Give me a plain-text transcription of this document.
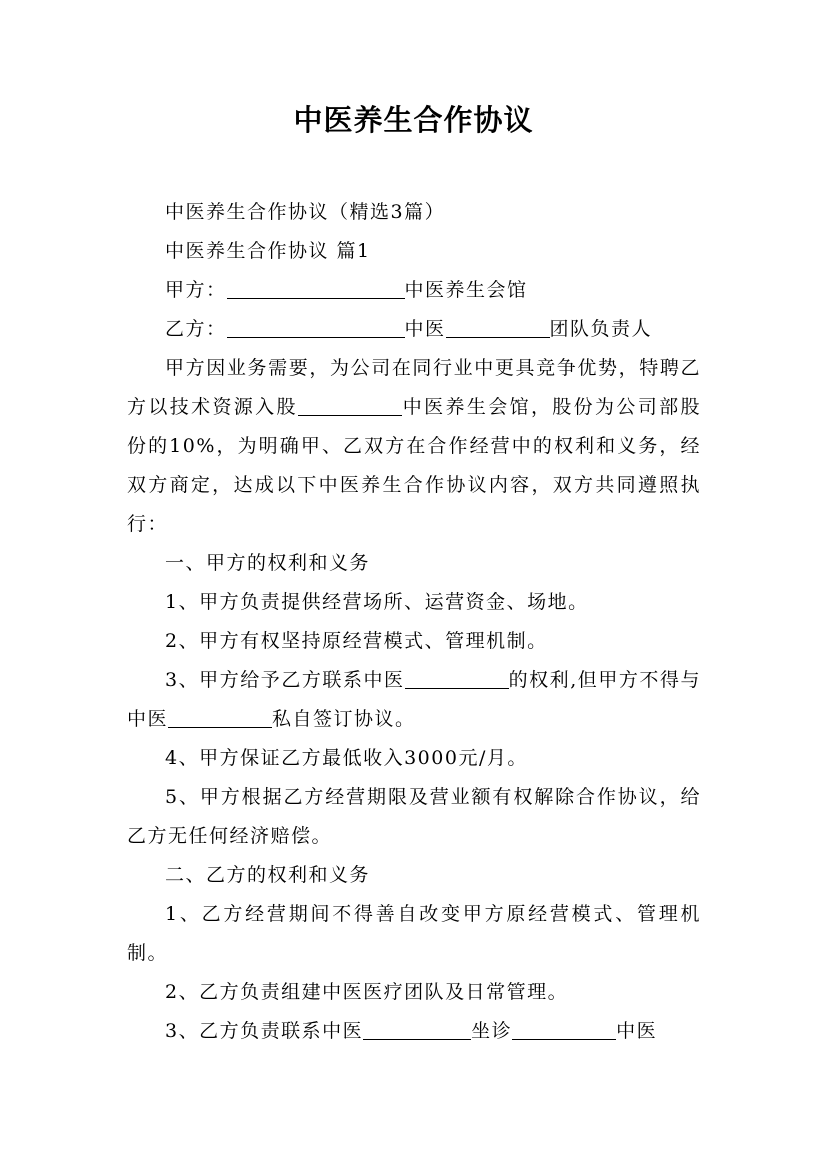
中医养生合作协议

中医养生合作协议（精选3篇）

中医养生合作协议 篇1

甲方：	中医养生会馆

乙方：	中医	团队负责人

甲方因业务需要，为公司在同行业中更具竞争优势，特聘乙方以技术资源入股	中医养生会馆，股份为公司部股份的10%，为明确甲、乙双方在合作经营中的权利和义务，经双方商定，达成以下中医养生合作协议内容，双方共同遵照执行：

一、甲方的权利和义务

1、甲方负责提供经营场所、运营资金、场地。

2、甲方有权坚持原经营模式、管理机制。

3、甲方给予乙方联系中医	的权利,但甲方不得与中医	私自签订协议。

4、甲方保证乙方最低收入3000元/月。

5、甲方根据乙方经营期限及营业额有权解除合作协议，给乙方无任何经济赔偿。

二、乙方的权利和义务

1、乙方经营期间不得善自改变甲方原经营模式、管理机制。

2、乙方负责组建中医医疗团队及日常管理。

3、乙方负责联系中医	坐诊	中医
